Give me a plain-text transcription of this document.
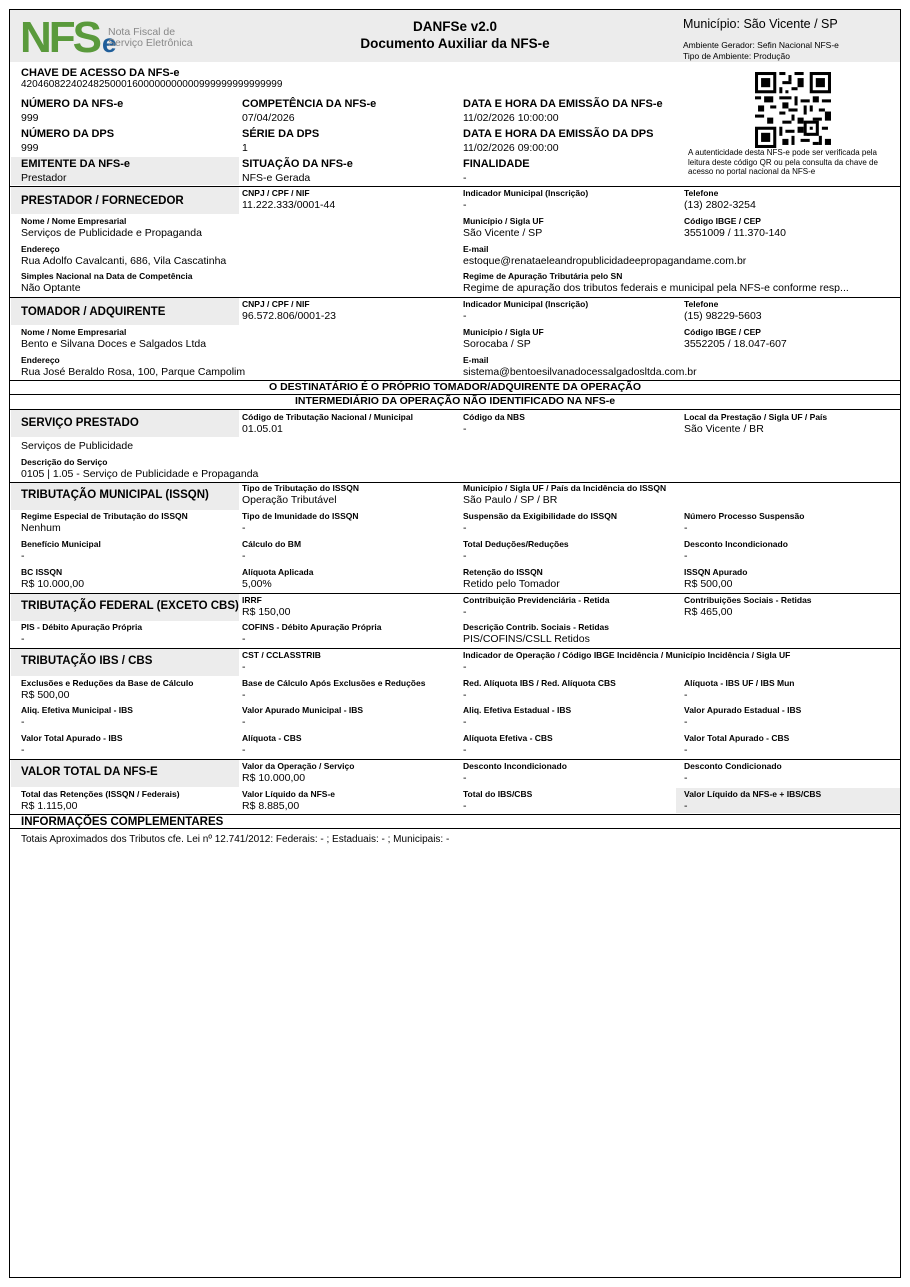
NFSe
Nota Fiscal de
Serviço Eletrônica
DANFSe v2.0
Documento Auxiliar da NFS-e
Município: São Vicente / SP
Ambiente Gerador: Sefin Nacional NFS-e
Tipo de Ambiente: Produção
CHAVE DE ACESSO DA NFS-e
42046082240248250001600000000000999999999999999
A autenticidade desta NFS-e pode ser verificada pela leitura deste código QR ou pela consulta da chave de acesso no portal nacional da NFS-e
NÚMERO DA NFS-e
999
COMPETÊNCIA DA NFS-e
07/04/2026
DATA E HORA DA EMISSÃO DA NFS-e
11/02/2026 10:00:00
NÚMERO DA DPS
999
SÉRIE DA DPS
1
DATA E HORA DA EMISSÃO DA DPS
11/02/2026 09:00:00
EMITENTE DA NFS-e
Prestador
SITUAÇÃO DA NFS-e
NFS-e Gerada
FINALIDADE
-
PRESTADOR / FORNECEDOR
CNPJ / CPF / NIF
11.222.333/0001-44
Indicador Municipal (Inscrição)
-
Telefone
(13) 2802-3254
Nome / Nome Empresarial
Serviços de Publicidade e Propaganda
Município / Sigla UF
São Vicente / SP
Código IBGE / CEP
3551009 / 11.370-140
Endereço
Rua Adolfo Cavalcanti, 686, Vila Cascatinha
E-mail
estoque@renataeleandropublicidadeepropagandame.com.br
Simples Nacional na Data de Competência
Não Optante
Regime de Apuração Tributária pelo SN
Regime de apuração dos tributos federais e municipal pela NFS-e conforme resp...
TOMADOR / ADQUIRENTE
CNPJ / CPF / NIF
96.572.806/0001-23
Indicador Municipal (Inscrição)
-
Telefone
(15) 98229-5603
Nome / Nome Empresarial
Bento e Silvana Doces e Salgados Ltda
Município / Sigla UF
Sorocaba / SP
Código IBGE / CEP
3552205 / 18.047-607
Endereço
Rua José Beraldo Rosa, 100, Parque Campolim
E-mail
sistema@bentoesilvanadocessalgadosltda.com.br
O DESTINATÁRIO É O PRÓPRIO TOMADOR/ADQUIRENTE DA OPERAÇÃO
INTERMEDIÁRIO DA OPERAÇÃO NÃO IDENTIFICADO NA NFS-e
SERVIÇO PRESTADO	Código de Tributação Nacional / Municipal
01.05.01
Código da NBS
-
Local da Prestação / Sigla UF / País
São Vicente / BR
Serviços de Publicidade
Descrição do Serviço
0105 | 1.05 - Serviço de Publicidade e Propaganda
TRIBUTAÇÃO MUNICIPAL (ISSQN)
Tipo de Tributação do ISSQN
Operação Tributável
Município / Sigla UF / País da Incidência do ISSQN
São Paulo / SP / BR
Regime Especial de Tributação do ISSQN
Nenhum
Tipo de Imunidade do ISSQN
-
Suspensão da Exigibilidade do ISSQN
-
Número Processo Suspensão
-
Benefício Municipal
-
Cálculo do BM
-
Total Deduções/Reduções
-
Desconto Incondicionado
-
BC ISSQN
R$ 10.000,00
Alíquota Aplicada
5,00%
Retenção do ISSQN
Retido pelo Tomador
ISSQN Apurado
R$ 500,00
TRIBUTAÇÃO FEDERAL (EXCETO CBS) IRRF
R$ 150,00
Contribuição Previdenciária - Retida
-
Contribuições Sociais - Retidas
R$ 465,00
PIS - Débito Apuração Própria
-
COFINS - Débito Apuração Própria
-
Descrição Contrib. Sociais - Retidas
PIS/COFINS/CSLL Retidos
TRIBUTAÇÃO IBS / CBS	CST / CCLASSTRIB
-
Indicador de Operação / Código IBGE Incidência / Município Incidência / Sigla UF
-
Exclusões e Reduções da Base de Cálculo
R$ 500,00
Base de Cálculo Após Exclusões e Reduções
-
Red. Alíquota IBS / Red. Alíquota CBS
-
Alíquota - IBS UF / IBS Mun
-
Aliq. Efetiva Municipal - IBS
-
Valor Apurado Municipal - IBS
-
Aliq. Efetiva Estadual - IBS
-
Valor Apurado Estadual - IBS
-
Valor Total Apurado - IBS
-
Alíquota - CBS
-
Alíquota Efetiva - CBS
-
Valor Total Apurado - CBS
-
VALOR TOTAL DA NFS-E	Valor da Operação / Serviço
R$ 10.000,00
Desconto Incondicionado
-
Desconto Condicionado
-
Total das Retenções (ISSQN / Federais)
R$ 1.115,00
Valor Líquido da NFS-e
R$ 8.885,00
Total do IBS/CBS
-
Valor Líquido da NFS-e + IBS/CBS
-
INFORMAÇÕES COMPLEMENTARES
Totais Aproximados dos Tributos cfe. Lei nº 12.741/2012: Federais: - ; Estaduais: - ; Municipais: -
